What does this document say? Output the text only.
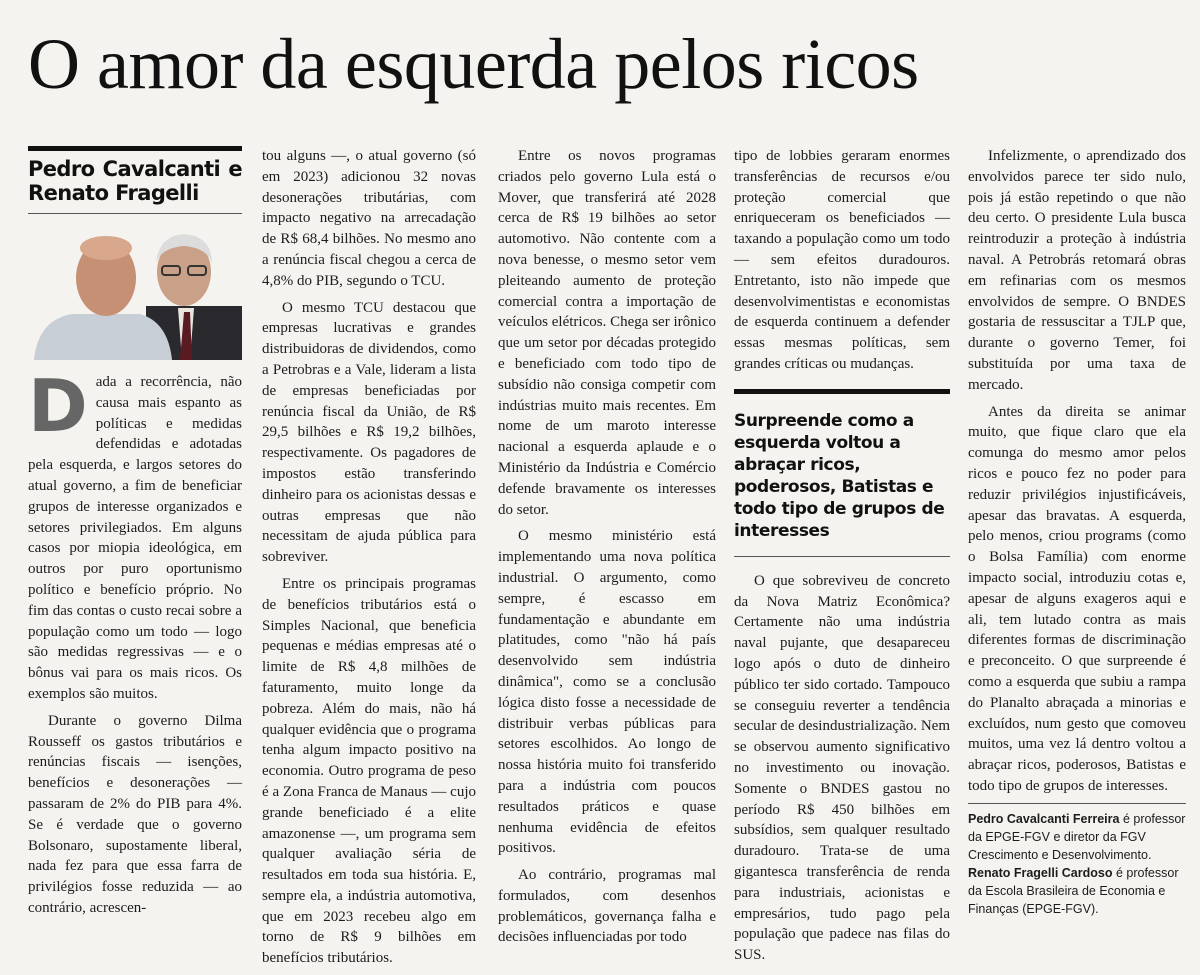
O amor da esquerda pelos ricos
Pedro Cavalcanti e Renato Fragelli

Dada a recorrência, não causa mais espanto as políticas e medidas defendidas e adotadas pela esquerda, e largos setores do atual governo, a fim de beneficiar grupos de interesse organizados e setores privilegiados. Em alguns casos por miopia ideológica, em outros por puro oportunismo político e benefício próprio. No fim das contas o custo recai sobre a população como um todo — logo são medidas regressivas — e o bônus vai para os mais ricos. Os exemplos são muitos.

Durante o governo Dilma Rousseff os gastos tributários e renúncias fiscais — isenções, benefícios e desonerações — passaram de 2% do PIB para 4%. Se é verdade que o governo Bolsonaro, supostamente liberal, nada fez para que essa farra de privilégios fosse reduzida — ao contrário, acrescen-

tou alguns —, o atual governo (só em 2023) adicionou 32 novas desonerações tributárias, com impacto negativo na arrecadação de R$ 68,4 bilhões. No mesmo ano a renúncia fiscal chegou a cerca de 4,8% do PIB, segundo o TCU.

O mesmo TCU destacou que empresas lucrativas e grandes distribuidoras de dividendos, como a Petrobras e a Vale, lideram a lista de empresas beneficiadas por renúncia fiscal da União, de R$ 29,5 bilhões e R$ 19,2 bilhões, respectivamente. Os pagadores de impostos estão transferindo dinheiro para os acionistas dessas e outras empresas que não necessitam de ajuda pública para sobreviver.

Entre os principais programas de benefícios tributários está o Simples Nacional, que beneficia pequenas e médias empresas até o limite de R$ 4,8 milhões de faturamento, muito longe da pobreza. Além do mais, não há qualquer evidência que o programa tenha algum impacto positivo na economia. Outro programa de peso é a Zona Franca de Manaus — cujo grande beneficiado é a elite amazonense —, um programa sem qualquer avaliação séria de resultados em toda sua história. E, sempre ela, a indústria automotiva, que em 2023 recebeu algo em torno de R$ 9 bilhões em benefícios tributários.

Entre os novos programas criados pelo governo Lula está o Mover, que transferirá até 2028 cerca de R$ 19 bilhões ao setor automotivo. Não contente com a nova benesse, o mesmo setor vem pleiteando aumento de proteção comercial contra a importação de veículos elétricos. Chega ser irônico que um setor por décadas protegido e beneficiado com todo tipo de subsídio não consiga competir com indústrias muito mais recentes. Em nome de um maroto interesse nacional a esquerda aplaude e o Ministério da Indústria e Comércio defende bravamente os interesses do setor.

O mesmo ministério está implementando uma nova política industrial. O argumento, como sempre, é escasso em fundamentação e abundante em platitudes, como "não há país desenvolvido sem indústria dinâmica", como se a conclusão lógica disto fosse a necessidade de distribuir verbas públicas para setores escolhidos. Ao longo de nossa história muito foi transferido para a indústria com poucos resultados práticos e quase nenhuma evidência de efeitos positivos.

Ao contrário, programas mal formulados, com desenhos problemáticos, governança falha e decisões influenciadas por todo

tipo de lobbies geraram enormes transferências de recursos e/ou proteção comercial que enriqueceram os beneficiados — taxando a população como um todo — sem efeitos duradouros. Entretanto, isto não impede que desenvolvimentistas e economistas de esquerda continuem a defender essas mesmas políticas, sem grandes críticas ou mudanças.

Surpreende como a esquerda voltou a abraçar ricos, poderosos, Batistas e todo tipo de grupos de interesses

O que sobreviveu de concreto da Nova Matriz Econômica? Certamente não uma indústria naval pujante, que desapareceu logo após o duto de dinheiro público ter sido cortado. Tampouco se conseguiu reverter a tendência secular de desindustrialização. Nem se observou aumento significativo no investimento ou inovação. Somente o BNDES gastou no período R$ 450 bilhões em subsídios, sem qualquer resultado duradouro. Trata-se de uma gigantesca transferência de renda para industriais, acionistas e empresários, tudo pago pela população que padece nas filas do SUS.

Infelizmente, o aprendizado dos envolvidos parece ter sido nulo, pois já estão repetindo o que não deu certo. O presidente Lula busca reintroduzir a proteção à indústria naval. A Petrobrás retomará obras em refinarias com os mesmos envolvidos de sempre. O BNDES gostaria de ressuscitar a TJLP que, durante o governo Temer, foi substituída por uma taxa de mercado.

Antes da direita se animar muito, que fique claro que ela comunga do mesmo amor pelos ricos e pouco fez no poder para reduzir privilégios injustificáveis, apesar das bravatas. A esquerda, pelo menos, criou programs (como o Bolsa Família) com enorme impacto social, introduziu cotas e, apesar de alguns exageros aqui e ali, tem lutado contra as mais diferentes formas de discriminação e preconceito. O que surpreende é como a esquerda que subiu a rampa do Planalto abraçada a minorias e excluídos, num gesto que comoveu muitos, uma vez lá dentro voltou a abraçar ricos, poderosos, Batistas e todo tipo de grupos de interesses.

Pedro Cavalcanti Ferreira é professor da EPGE-FGV e diretor da FGV Crescimento e Desenvolvimento.
Renato Fragelli Cardoso é professor da Escola Brasileira de Economia e Finanças (EPGE-FGV).
